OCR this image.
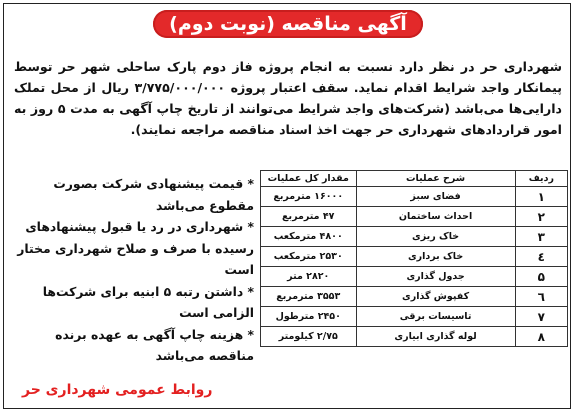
آگهی مناقصه (نوبت دوم)
شهرداری حر در نظر دارد نسبت به انجام پروژه فاز دوم پارک ساحلی شهر حر توسط پیمانکار واجد شرایط اقدام نماید. سقف اعتبار پروژه ۳/۷۷۵/۰۰۰/۰۰۰ ریال از محل تملک دارایی‌ها می‌باشد (شرکت‌های واجد شرایط می‌توانند از تاریخ چاپ آگهی به مدت ۵ روز به امور قراردادهای شهرداری حر جهت اخذ اسناد مناقصه مراجعه نمایند).
ردیف	شرح عملیات	مقدار کل عملیات
۱	فضای سبز	۱۶۰۰۰ مترمربع
۲	احداث ساختمان	۴۷ مترمربع
۳	خاک ریزی	۴۸۰۰ مترمکعب
٤	خاک برداری	۲۵۳۰ مترمکعب
۵	جدول گذاری	۲۸۲۰ متر
٦	کفپوش گذاری	۳۵۵۳ مترمربع
۷	تاسیسات برقی	۲۴۵۰ مترطول
۸	لوله گذاری ابیاری	۲/۷۵ کیلومتر

* قیمت پیشنهادی شرکت بصورت مقطوع می‌باشد

* شهرداری در رد یا قبول پیشنهادهای رسیده با صرف و صلاح شهرداری مختار است

* داشتن رتبه ۵ ابنیه برای شرکت‌ها الزامی است

* هزینه چاپ آگهی به عهده برنده مناقصه می‌باشد

روابط عمومی شهرداری حر
